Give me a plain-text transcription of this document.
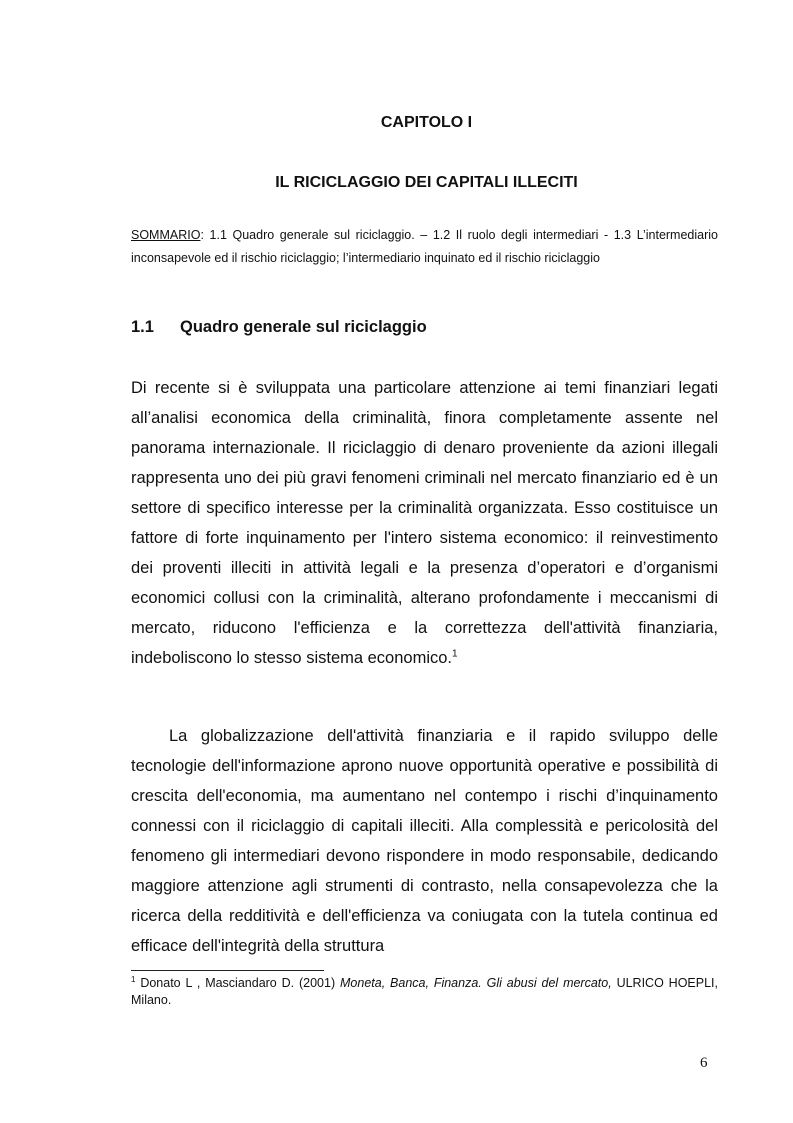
CAPITOLO I
IL RICICLAGGIO DEI CAPITALI ILLECITI
SOMMARIO: 1.1 Quadro generale sul riciclaggio. – 1.2 Il ruolo degli intermediari - 1.3 L’intermediario inconsapevole ed il rischio riciclaggio; l’intermediario inquinato ed il rischio riciclaggio
1.1 Quadro generale sul riciclaggio
Di recente si è sviluppata una particolare attenzione ai temi finanziari legati all’analisi economica della criminalità, finora completamente assente nel panorama internazionale. Il riciclaggio di denaro proveniente da azioni illegali rappresenta uno dei più gravi fenomeni criminali nel mercato finanziario ed è un settore di specifico interesse per la criminalità organizzata. Esso costituisce un fattore di forte inquinamento per l'intero sistema economico: il reinvestimento dei proventi illeciti in attività legali e la presenza d’operatori e d’organismi economici collusi con la criminalità, alterano profondamente i meccanismi di mercato, riducono l'efficienza e la correttezza dell'attività finanziaria, indeboliscono lo stesso sistema economico.$^1$
La globalizzazione dell'attività finanziaria e il rapido sviluppo delle tecnologie dell'informazione aprono nuove opportunità operative e possibilità di crescita dell'economia, ma aumentano nel contempo i rischi d’inquinamento connessi con il riciclaggio di capitali illeciti. Alla complessità e pericolosità del fenomeno gli intermediari devono rispondere in modo responsabile, dedicando maggiore attenzione agli strumenti di contrasto, nella consapevolezza che la ricerca della redditività e dell'efficienza va coniugata con la tutela continua ed efficace dell'integrità della struttura
$^1$ Donato L , Masciandaro D. (2001) Moneta, Banca, Finanza. Gli abusi del mercato, ULRICO HOEPLI, Milano.
6
